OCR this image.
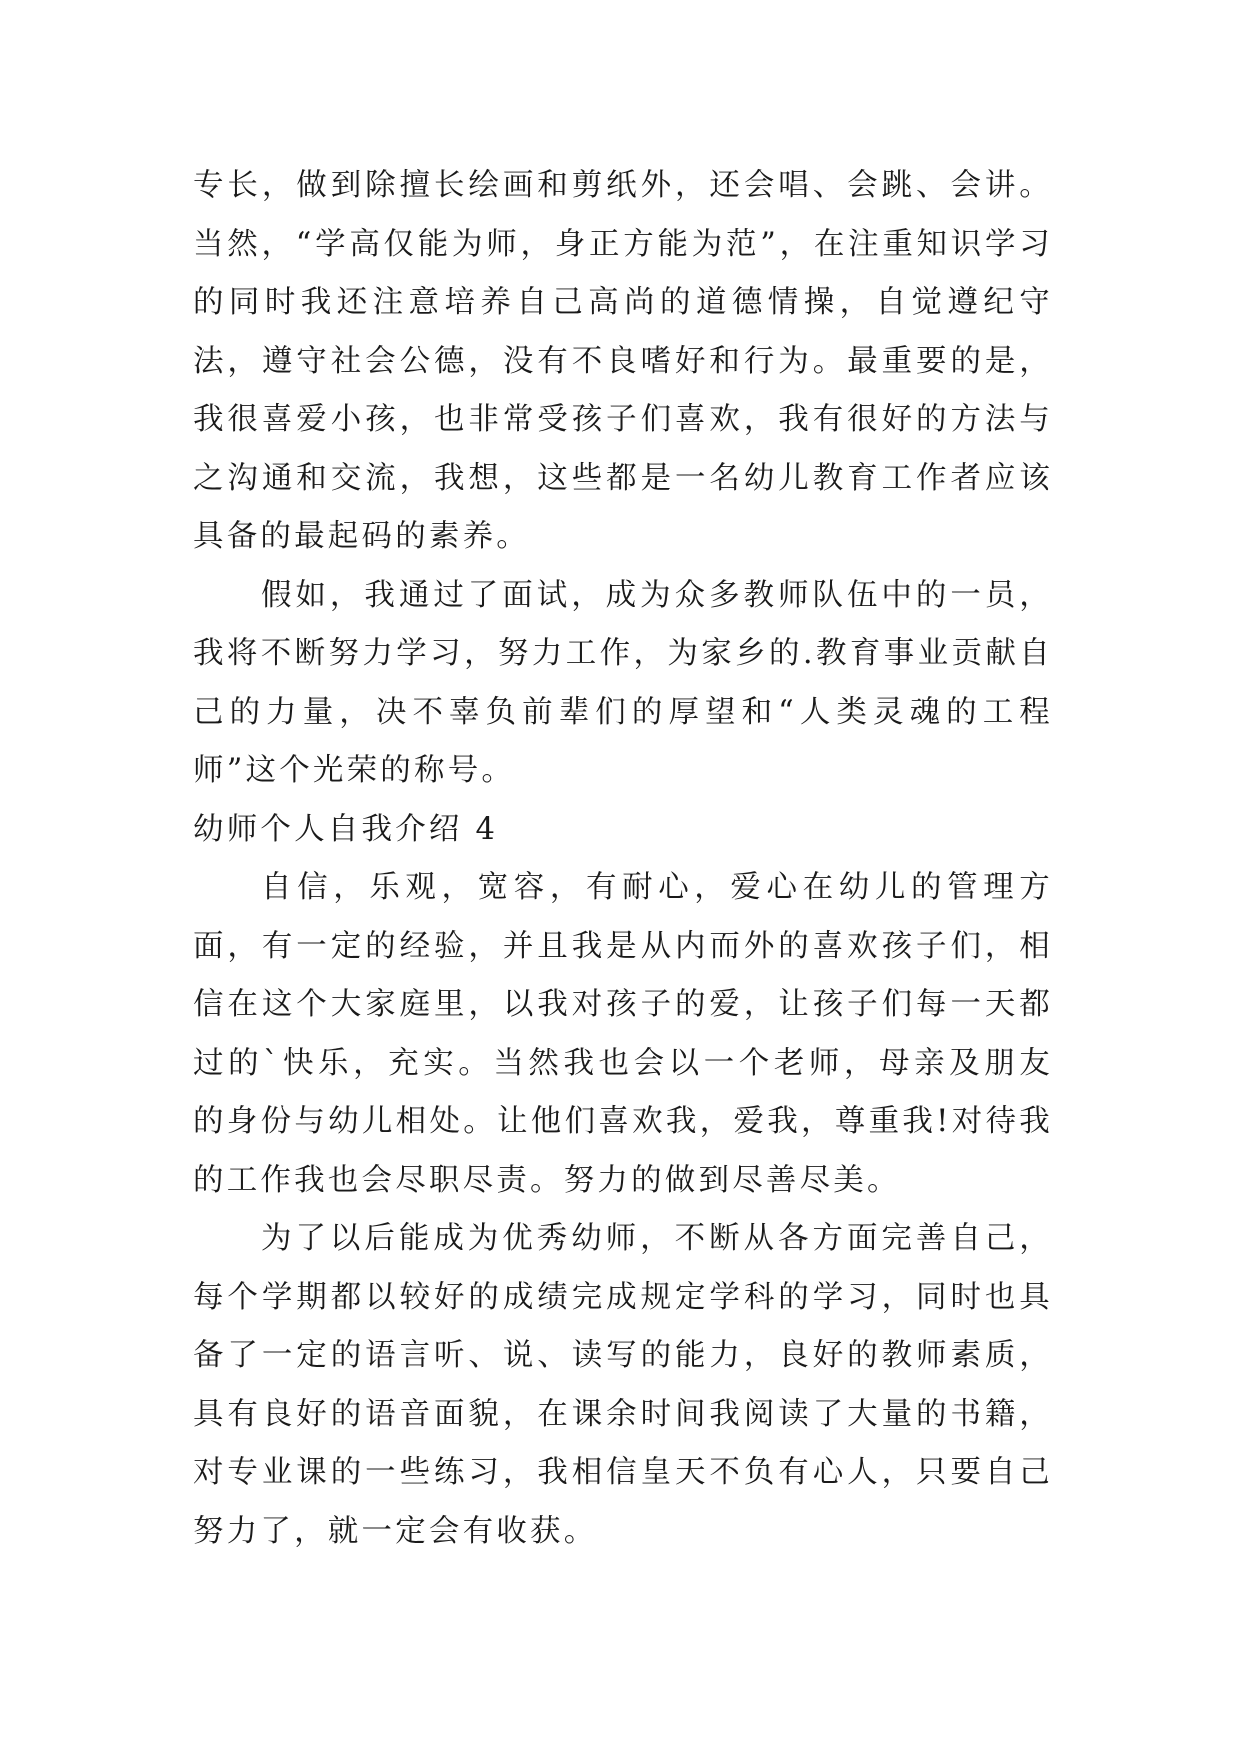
专长，做到除擅长绘画和剪纸外，还会唱、会跳、会讲。当然，“学高仅能为师，身正方能为范”，在注重知识学习的同时我还注意培养自己高尚的道德情操，自觉遵纪守法，遵守社会公德，没有不良嗜好和行为。最重要的是，我很喜爱小孩，也非常受孩子们喜欢，我有很好的方法与之沟通和交流，我想，这些都是一名幼儿教育工作者应该具备的最起码的素养。

假如，我通过了面试，成为众多教师队伍中的一员，我将不断努力学习，努力工作，为家乡的.教育事业贡献自己的力量，决不辜负前辈们的厚望和“人类灵魂的工程师”这个光荣的称号。

幼师个人自我介绍 4

自信，乐观，宽容，有耐心，爱心在幼儿的管理方面，有一定的经验，并且我是从内而外的喜欢孩子们，相信在这个大家庭里，以我对孩子的爱，让孩子们每一天都过的`快乐，充实。当然我也会以一个老师，母亲及朋友的身份与幼儿相处。让他们喜欢我，爱我，尊重我!对待我的工作我也会尽职尽责。努力的做到尽善尽美。

为了以后能成为优秀幼师，不断从各方面完善自己，每个学期都以较好的成绩完成规定学科的学习，同时也具备了一定的语言听、说、读写的能力，良好的教师素质，具有良好的语音面貌，在课余时间我阅读了大量的书籍，对专业课的一些练习，我相信皇天不负有心人，只要自己努力了，就一定会有收获。
